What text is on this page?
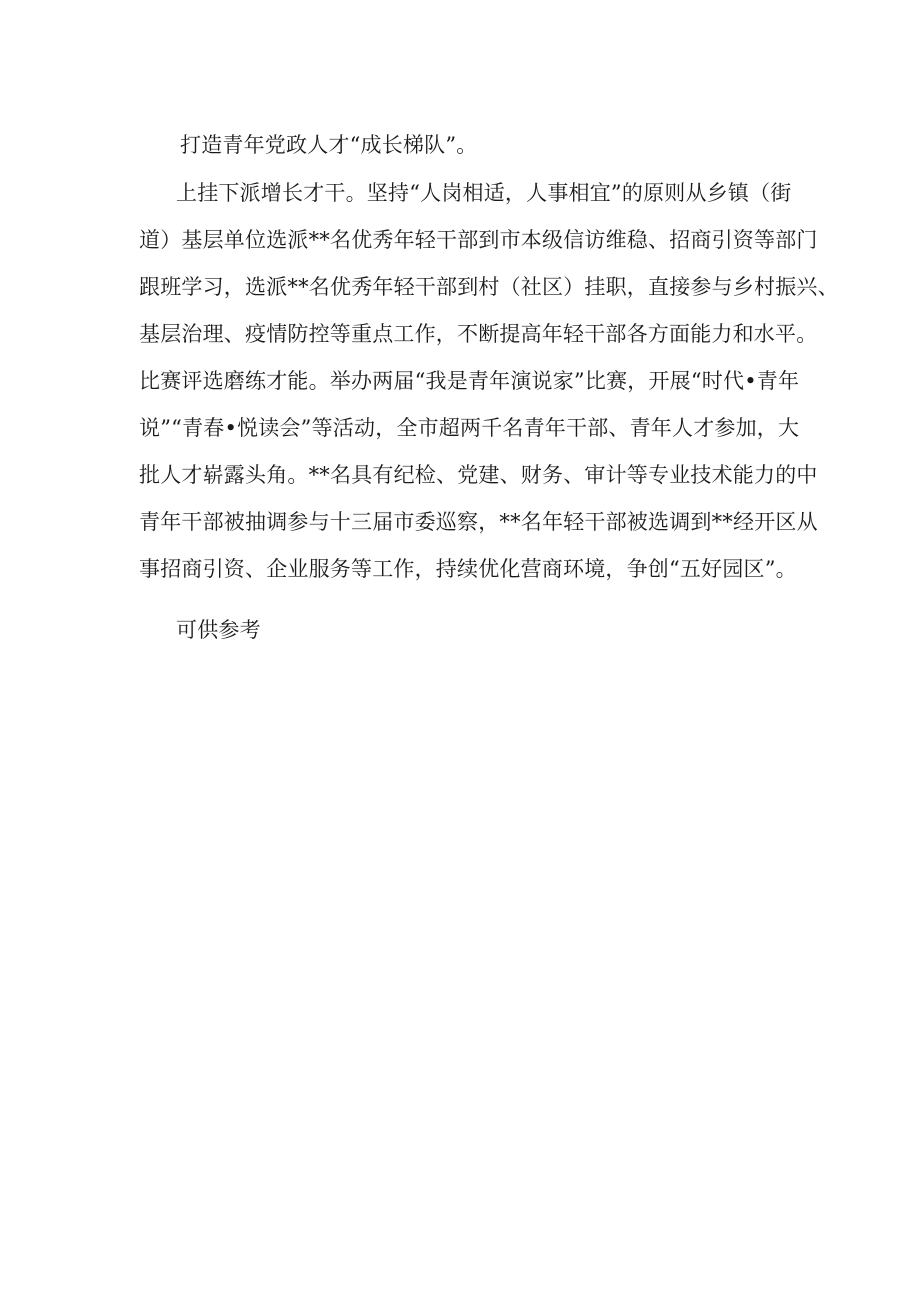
打造青年党政人才“成长梯队”。
上挂下派增长才干。坚持“人岗相适，人事相宜”的原则从乡镇（街
道）基层单位选派**名优秀年轻干部到市本级信访维稳、招商引资等部门
跟班学习，选派**名优秀年轻干部到村（社区）挂职，直接参与乡村振兴、
基层治理、疫情防控等重点工作，不断提高年轻干部各方面能力和水平。
比赛评选磨练才能。举办两届“我是青年演说家”比赛，开展“时代•青年
说”“青春•悦读会”等活动，全市超两千名青年干部、青年人才参加，大
批人才崭露头角。**名具有纪检、党建、财务、审计等专业技术能力的中
青年干部被抽调参与十三届市委巡察，**名年轻干部被选调到**经开区从
事招商引资、企业服务等工作，持续优化营商环境，争创“五好园区”。
可供参考
